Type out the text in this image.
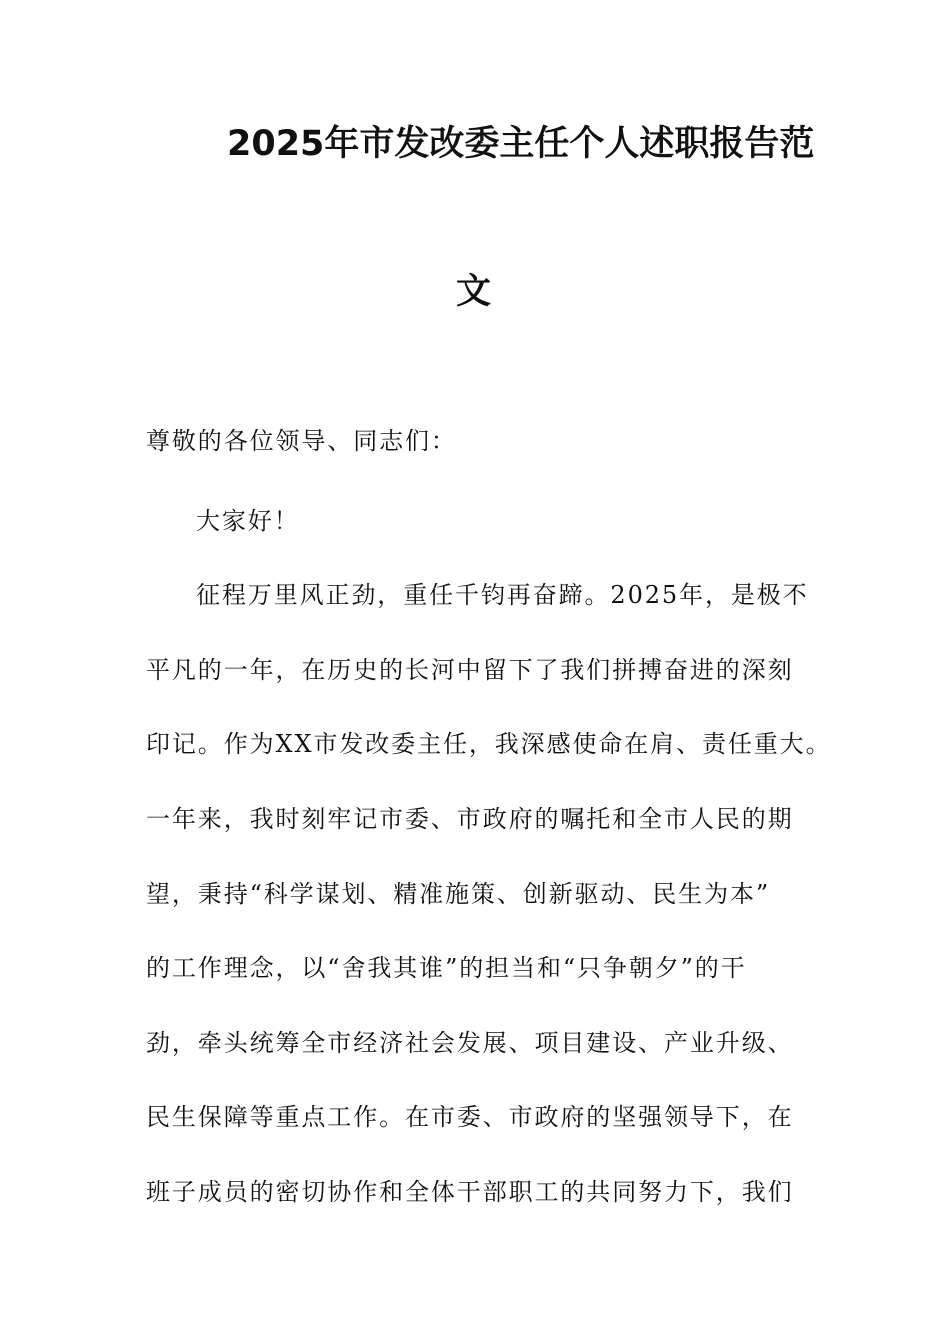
2025年市发改委主任个人述职报告范
文
尊敬的各位领导、同志们：
大家好！
征程万里风正劲，重任千钧再奋蹄。2025年，是极不
平凡的一年，在历史的长河中留下了我们拼搏奋进的深刻
印记。作为XX市发改委主任，我深感使命在肩、责任重大。
一年来，我时刻牢记市委、市政府的嘱托和全市人民的期
望，秉持“科学谋划、精准施策、创新驱动、民生为本”
的工作理念，以“舍我其谁”的担当和“只争朝夕”的干
劲，牵头统筹全市经济社会发展、项目建设、产业升级、
民生保障等重点工作。在市委、市政府的坚强领导下，在
班子成员的密切协作和全体干部职工的共同努力下，我们
